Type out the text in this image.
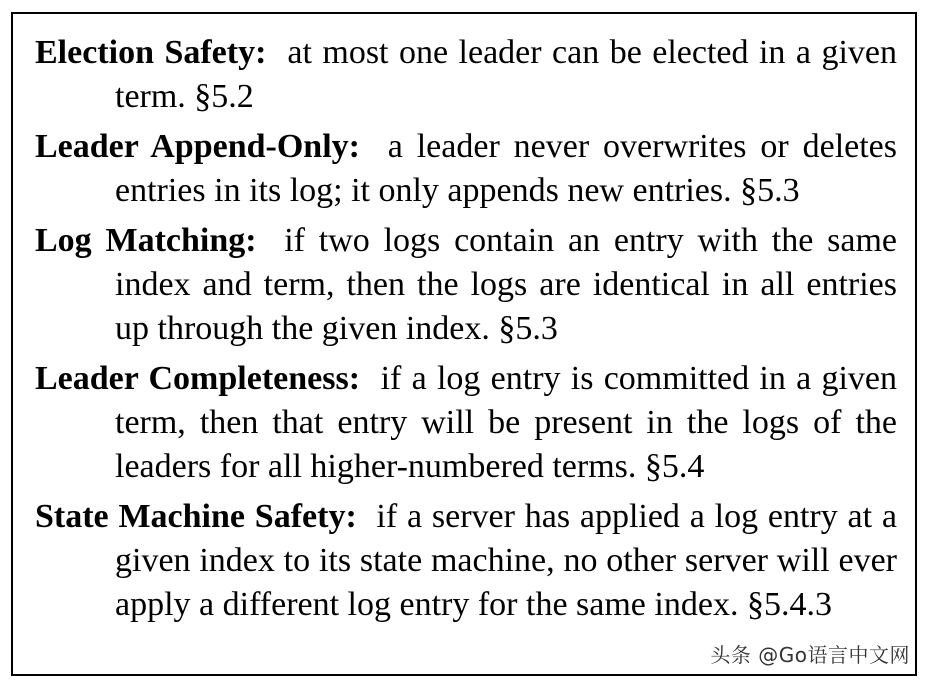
Election Safety: at most one leader can be elected in a given term. §5.2

Leader Append-Only: a leader never overwrites or deletes entries in its log; it only appends new entries. §5.3

Log Matching: if two logs contain an entry with the same index and term, then the logs are identical in all entries up through the given index. §5.3

Leader Completeness: if a log entry is committed in a given term, then that entry will be present in the logs of the leaders for all higher-numbered terms. §5.4

State Machine Safety: if a server has applied a log entry at a given index to its state machine, no other server will ever apply a different log entry for the same index. §5.4.3

头条 @Go语言中文网
